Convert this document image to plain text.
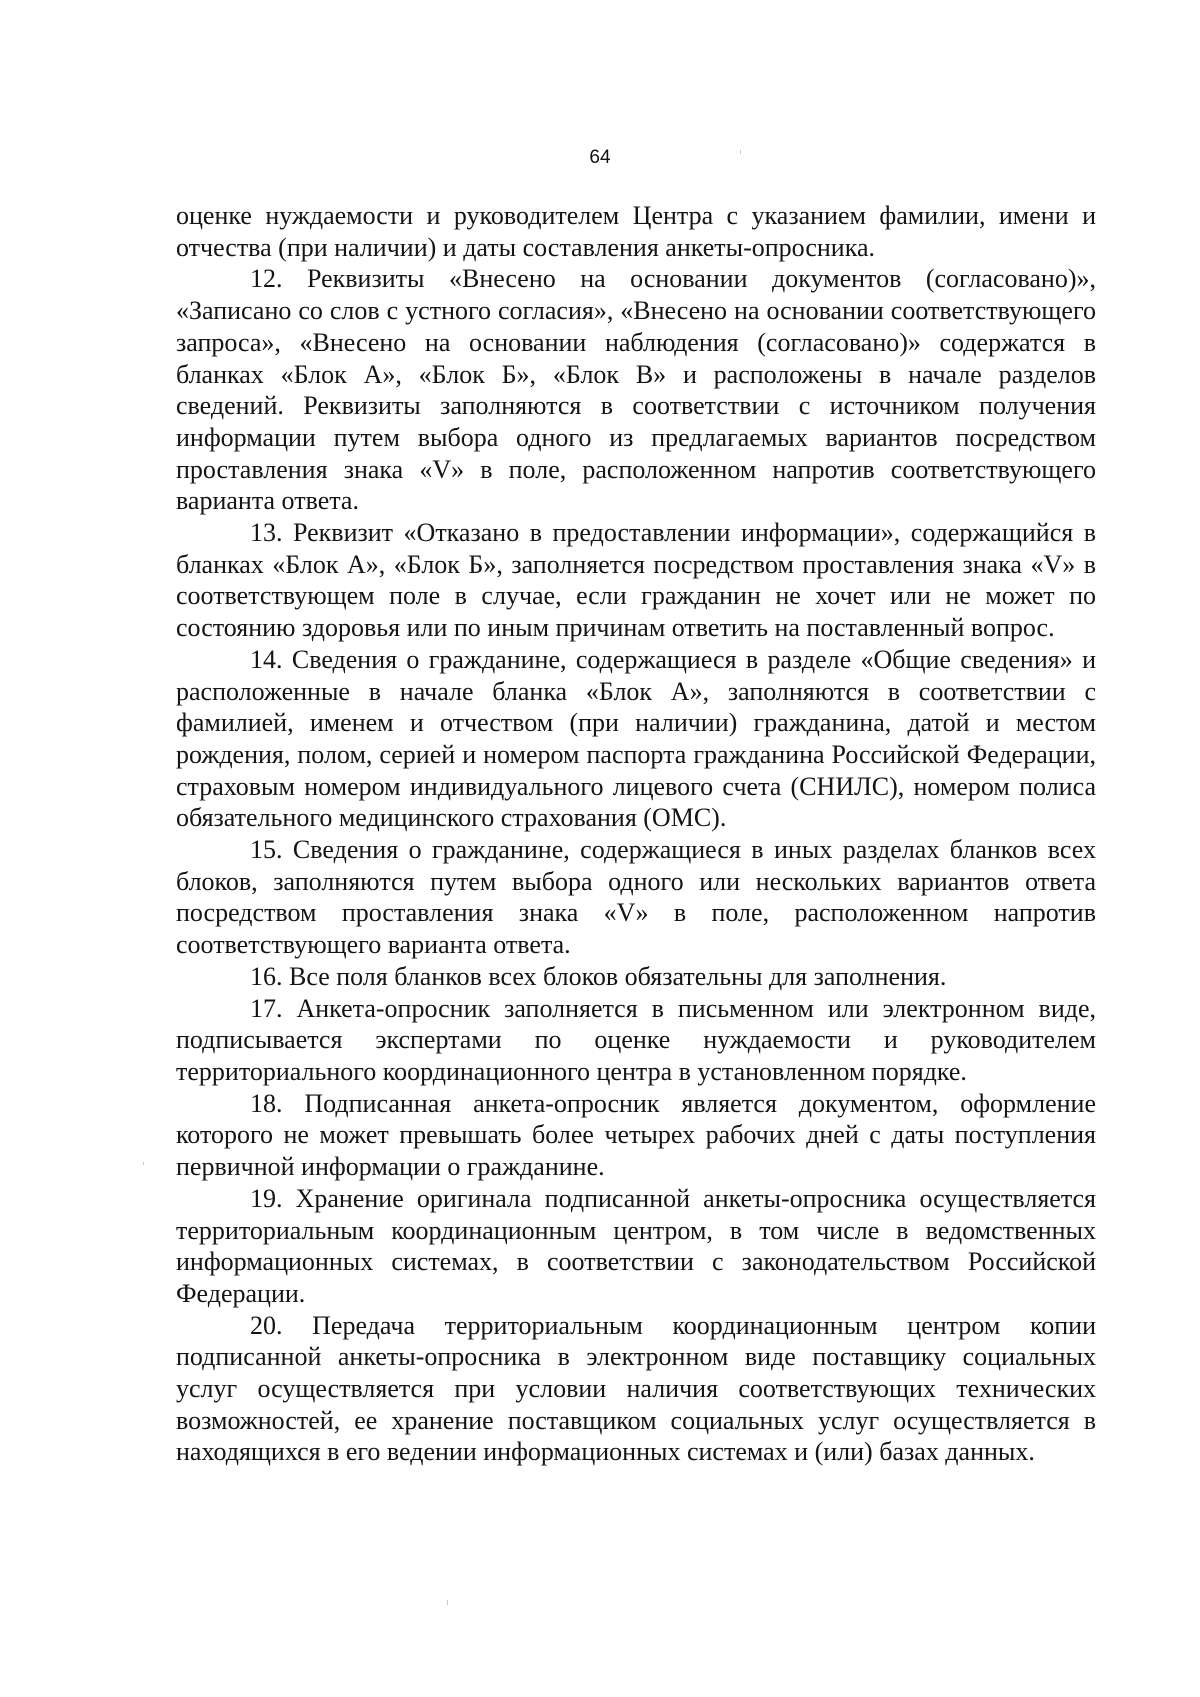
64

оценке нуждаемости и руководителем Центра с указанием фамилии, имени и отчества (при наличии) и даты составления анкеты-опросника.

12. Реквизиты «Внесено на основании документов (согласовано)», «Записано со слов с устного согласия», «Внесено на основании соответствующего запроса», «Внесено на основании наблюдения (согласовано)» содержатся в бланках «Блок А», «Блок Б», «Блок В» и расположены в начале разделов сведений. Реквизиты заполняются в соответствии с источником получения информации путем выбора одного из предлагаемых вариантов посредством проставления знака «V» в поле, расположенном напротив соответствующего варианта ответа.

13. Реквизит «Отказано в предоставлении информации», содержащийся в бланках «Блок А», «Блок Б», заполняется посредством проставления знака «V» в соответствующем поле в случае, если гражданин не хочет или не может по состоянию здоровья или по иным причинам ответить на поставленный вопрос.

14. Сведения о гражданине, содержащиеся в разделе «Общие сведения» и расположенные в начале бланка «Блок А», заполняются в соответствии с фамилией, именем и отчеством (при наличии) гражданина, датой и местом рождения, полом, серией и номером паспорта гражданина Российской Федерации, страховым номером индивидуального лицевого счета (СНИЛС), номером полиса обязательного медицинского страхования (ОМС).

15. Сведения о гражданине, содержащиеся в иных разделах бланков всех блоков, заполняются путем выбора одного или нескольких вариантов ответа посредством проставления знака «V» в поле, расположенном напротив соответствующего варианта ответа.

16. Все поля бланков всех блоков обязательны для заполнения.

17. Анкета-опросник заполняется в письменном или электронном виде, подписывается экспертами по оценке нуждаемости и руководителем территориального координационного центра в установленном порядке.

18. Подписанная анкета-опросник является документом, оформление которого не может превышать более четырех рабочих дней с даты поступления первичной информации о гражданине.

19. Хранение оригинала подписанной анкеты-опросника осуществляется территориальным координационным центром, в том числе в ведомственных информационных системах, в соответствии с законодательством Российской Федерации.

20. Передача территориальным координационным центром копии подписанной анкеты-опросника в электронном виде поставщику социальных услуг осуществляется при условии наличия соответствующих технических возможностей, ее хранение поставщиком социальных услуг осуществляется в находящихся в его ведении информационных системах и (или) базах данных.
